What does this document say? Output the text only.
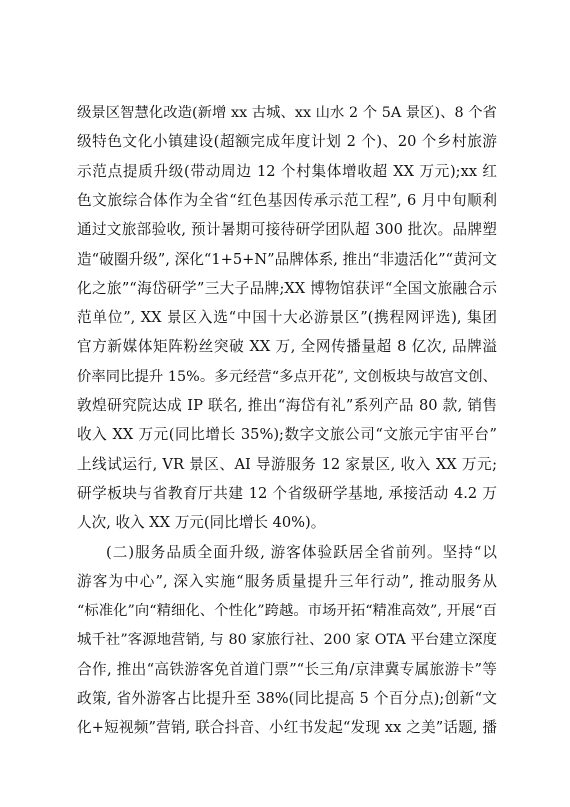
级景区智慧化改造(新增 xx 古城、xx 山水 2 个 5A 景区)、8 个省
级特色文化小镇建设(超额完成年度计划 2 个)、20 个乡村旅游
示范点提质升级(带动周边 12 个村集体增收超 XX 万元);xx 红
色文旅综合体作为全省“红色基因传承示范工程”, 6 月中旬顺利
通过文旅部验收, 预计暑期可接待研学团队超 300 批次。品牌塑
造“破圈升级”, 深化“1+5+N”品牌体系, 推出“非遗活化”“黄河文
化之旅”“海岱研学”三大子品牌;XX 博物馆获评“全国文旅融合示
范单位”, XX 景区入选“中国十大必游景区”(携程网评选), 集团
官方新媒体矩阵粉丝突破 XX 万, 全网传播量超 8 亿次, 品牌溢
价率同比提升 15%。多元经营“多点开花”, 文创板块与故宫文创、
敦煌研究院达成 IP 联名, 推出“海岱有礼”系列产品 80 款, 销售
收入 XX 万元(同比增长 35%);数字文旅公司“文旅元宇宙平台”
上线试运行, VR 景区、AI 导游服务 12 家景区, 收入 XX 万元;
研学板块与省教育厅共建 12 个省级研学基地, 承接活动 4.2 万
人次, 收入 XX 万元(同比增长 40%)。
(二)服务品质全面升级, 游客体验跃居全省前列。坚持“以
游客为中心”, 深入实施“服务质量提升三年行动”, 推动服务从
“标准化”向“精细化、个性化”跨越。市场开拓“精准高效”, 开展“百
城千社”客源地营销, 与 80 家旅行社、200 家 OTA 平台建立深度
合作, 推出“高铁游客免首道门票”“长三角/京津冀专属旅游卡”等
政策, 省外游客占比提升至 38%(同比提高 5 个百分点);创新“文
化+短视频”营销, 联合抖音、小红书发起“发现 xx 之美”话题, 播
